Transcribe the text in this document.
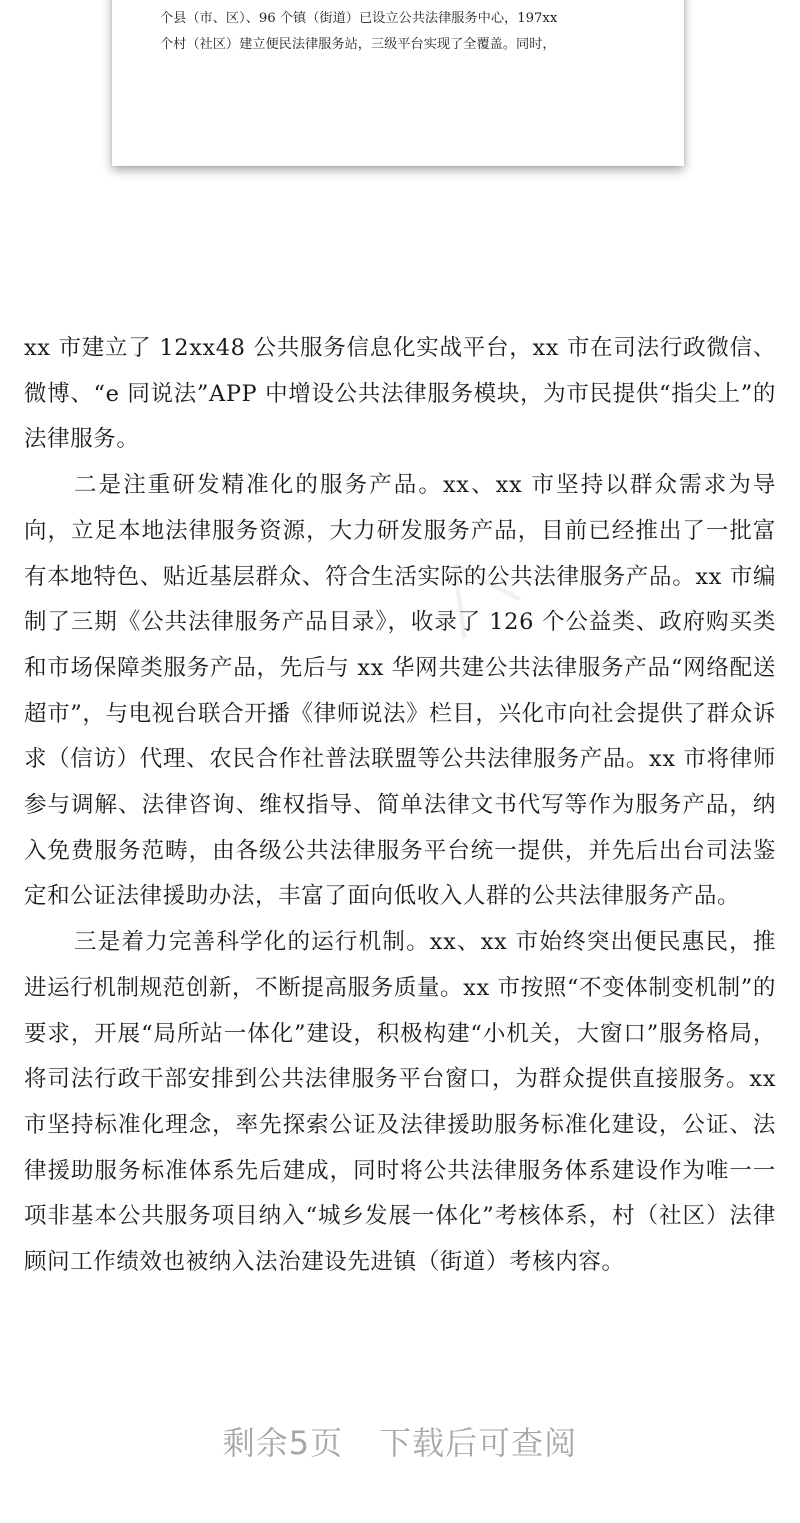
个县（市、区）、96 个镇（街道）已设立公共法律服务中心，197xx
个村（社区）建立便民法律服务站，三级平台实现了全覆盖。同时，
╱╲

xx 市建立了 12xx48 公共服务信息化实战平台，xx 市在司法行政微信、微博、“e 同说法”APP 中增设公共法律服务模块，为市民提供“指尖上”的法律服务。

二是注重研发精准化的服务产品。xx、xx 市坚持以群众需求为导向，立足本地法律服务资源，大力研发服务产品，目前已经推出了一批富有本地特色、贴近基层群众、符合生活实际的公共法律服务产品。xx 市编制了三期《公共法律服务产品目录》，收录了 126 个公益类、政府购买类和市场保障类服务产品，先后与 xx 华网共建公共法律服务产品“网络配送超市”，与电视台联合开播《律师说法》栏目，兴化市向社会提供了群众诉求（信访）代理、农民合作社普法联盟等公共法律服务产品。xx 市将律师参与调解、法律咨询、维权指导、简单法律文书代写等作为服务产品，纳入免费服务范畴，由各级公共法律服务平台统一提供，并先后出台司法鉴定和公证法律援助办法，丰富了面向低收入人群的公共法律服务产品。

三是着力完善科学化的运行机制。xx、xx 市始终突出便民惠民，推进运行机制规范创新，不断提高服务质量。xx 市按照“不变体制变机制”的要求，开展“局所站一体化”建设，积极构建“小机关，大窗口”服务格局，将司法行政干部安排到公共法律服务平台窗口，为群众提供直接服务。xx 市坚持标准化理念，率先探索公证及法律援助服务标准化建设，公证、法律援助服务标准体系先后建成，同时将公共法律服务体系建设作为唯一一项非基本公共服务项目纳入“城乡发展一体化”考核体系，村（社区）法律顾问工作绩效也被纳入法治建设先进镇（街道）考核内容。

剩余5页 下载后可查阅
